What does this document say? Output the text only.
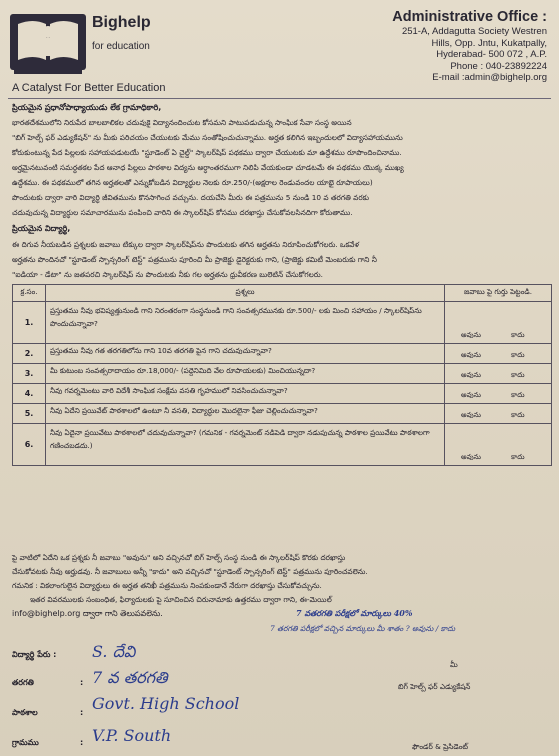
Bighelp
for education
A Catalyst For Better Education
Administrative Office :
251-A, Addagutta Society Westren
Hills, Opp. Jntu, Kukatpally,
Hyderabad- 500 072 , A.P.
Phone : 040-23892224
E-mail :admin@bighelp.org
ప్రియమైన ప్రధానోపాధ్యాయుడు లేక గ్రామాధికారి,
భారతదేశములోని నిరుపేద బాలబాలికల చదువుకై విద్యానందించుట కోసమని పాటుపడుచున్న సాంఘిక సేవా సంస్థ అయిన
"బిగ్ హెల్ప్ ఫర్ ఎడ్యుకేషన్" ను మీకు పరిచయం చేయుటకు మేము సంతోషించుచున్నాము. అర్హత కలిగిన ఇబ్బందులలో విద్యాసహాయమును
కోరుకుంటున్న పేద పిల్లలకు సహాయపడుటయే "స్టూడెంట్ ఏ చైల్డ్" స్కాలర్‌షిప్ పథకము ద్వారా చేయుటకు మా ఉద్దేశము రూపొందించినాము.
అర్హమైనటువంటి సమర్థతకల పేద ఆనాధ పిల్లలు పాఠశాల విద్యను అర్ధాంతరముగా నిలిపి వేయకుండా చూడటమే ఈ పథకము యొక్క ముఖ్య
ఉద్దేశము. ఈ పథకములో తగిన అర్హతలతో ఎన్నుకోబడిన విద్యార్థుల నెలకు రూ.250/-(అక్షరాల రెండువందల యాభై రూపాయలు)
పొందుటకు ద్వారా వారి విద్యార్థి జీవితమును కొనసాగించ వచ్చును. దయచేసి మీరు ఈ పత్రమును 5 నుండి 10 వ తరగతి వరకు
చదువుచున్న విద్యార్థుల సమాచారమును పంపించి వారిని ఈ స్కాలర్‌షిప్ కోసము దరఖాస్తు చేసుకోవలసినదిగా కోరుతాము.
ప్రియమైన విద్యార్థి,
ఈ దిగువ నీయబడిన ప్రశ్నలకు జవాబు టిక్కుల ద్వారా స్కాలర్‌షిప్‌ను పొందుటకు తగిన అర్హతను నిరూపించుకోగలరు. ఒకవేళ
అర్హతను పొందినచో "స్టూడెంట్ స్పాన్సరింగ్ టెస్ట్" పత్రమును పూరించి మీ ప్రాజెక్టు డైరెక్టరుకు గాని, (ప్రాజెక్టు కమిటీ మెంబరుకు గాని నీ
"ఐడియా - డేటా" ను జతపరచి స్కాలర్‌షిప్ ను పొందుటకు నీకు గల అర్హతను ధ్రువీకరణ బులెటిన్ చేసుకోగలరు.
క్ర.సం.	ప్రశ్నలు	జవాబు పై గుర్తు పెట్టండి.
1.	ప్రస్తుతము నీవు భవిష్యత్తునుండి గాని నిరంతరంగా సంస్థనుండి గాని సంవత్సరమునకు రూ.500/- లకు మించి సహాయం / స్కాలర్‌షిప్‌ను పొందుచున్నావా?	అవును కాదు
2.	ప్రస్తుతము నీవు గత తరగతిలోను గాని 10వ తరగతి పైన గాని చదువుచున్నావా?	అవును కాదు
3.	మీ కుటుంబ సంవత్సరాదాయం రూ.18,000/- (పద్దెనిమిది వేల రూపాయలకు) మించియున్నదా?	అవును కాదు
4.	నీవు గవర్నమెంటు వారి విదేశీ సాంఘిక సంక్షేమ వసతి గృహములో నివసించుచున్నావా?	అవును కాదు
5.	నీవు ఏదేని ప్రయివేట్ పాఠశాలలో ఉంటూ నీ వసతి, విద్యార్థుల మొదలైనా ఫీజు చెల్లించుచున్నావా?	అవును కాదు
6.	నీవు ఏదైనా ప్రయివేటు పాఠశాలలో చదువుచున్నావా? (గమనిక - గవర్నమెంట్ నడిపెడి ద్వారా నడుపుచున్న పాఠశాల ప్రయివేటు పాఠశాలగా గణించబడదు.)	అవును కాదు
పై వాటిలో ఏదేని ఒక ప్రశ్నకు నీ జవాబు "అవును" అని వచ్చినచో బిగ్ హెల్ప్ సంస్థ నుండి ఈ స్కాలర్‌షిప్ కొరకు దరఖాస్తు
చేసుకోవటకు నీవు అర్హుడవు. నీ జవాబులు అన్నీ "కాదు" అని వచ్చినచో "స్టూడెంట్ స్పాన్సరింగ్ టెస్ట్" పత్రమును పూరించవలెను.
గమనిక : వికలాంగులైన విద్యార్థులు ఈ అర్హత తనిఖీ పత్రమును నింపకుండానే నేరుగా దరఖాస్తు చేసుకోవచ్చును.
ఇతర వివరములకు సంబంధిత, ఫిర్యాదులకు పై సూచించిన చిరునామాకు ఉత్తరము ద్వారా గాని, ఈ-మెయిల్
info@bighelp.org ద్వారా గాని తెలుపవలెను.	7 వతరగతి పరీక్షలో మార్కులు 40%
7 తరగతి పరీక్షలో వచ్చిన మార్కులు మీ శాతం ? అవును / కాదు
విద్యార్థి పేరు : S. దేవి
తరగతి	: 7 వ తరగతి
పాఠశాల	: Govt. High School
గ్రామము	: V.P. South
మీ
బిగ్ హెల్ప్ ఫర్ ఎడ్యుకేషన్
ఫౌండర్ & ప్రెసిడెంట్
